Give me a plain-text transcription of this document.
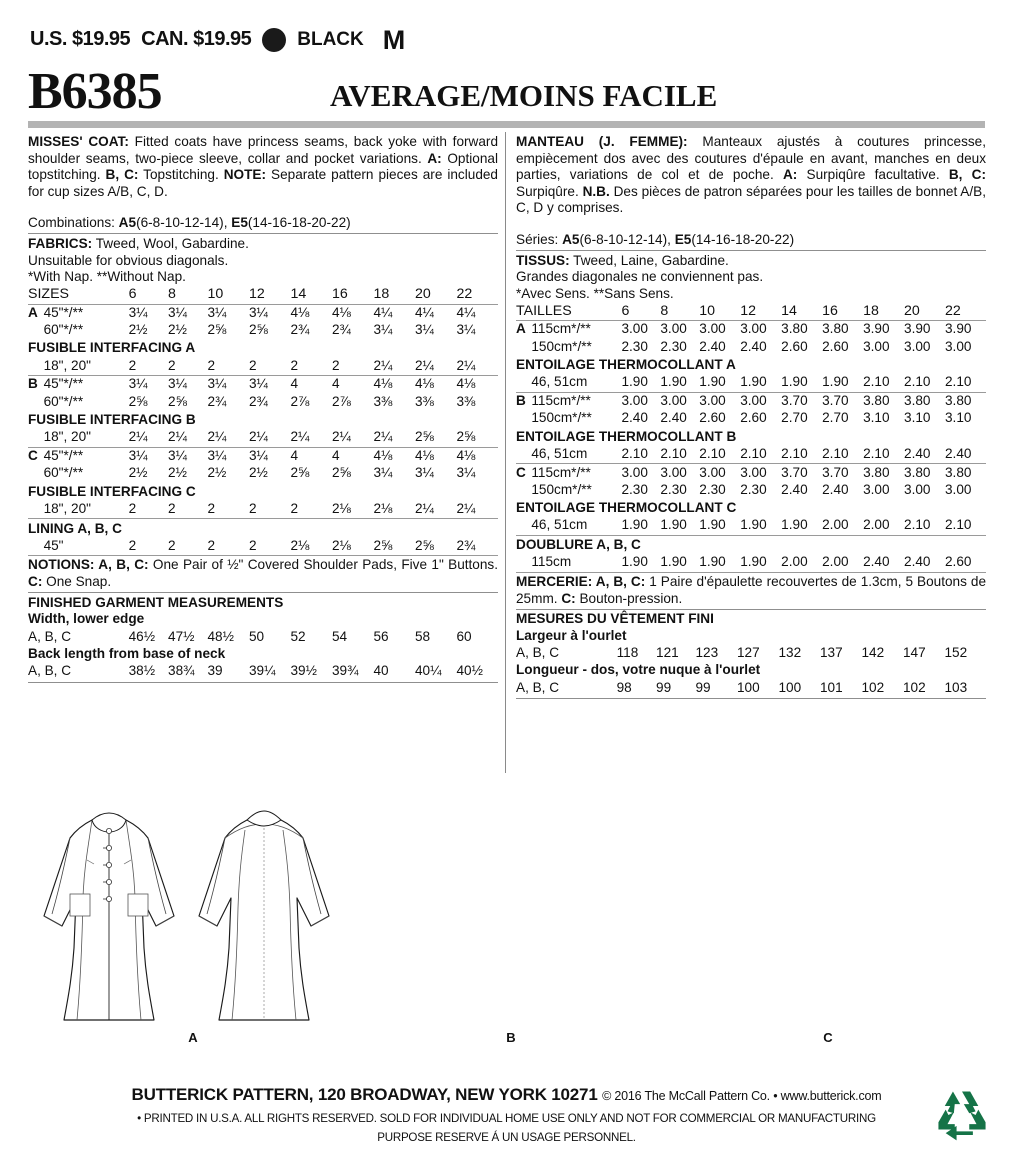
U.S. $19.95 CAN. $19.95 BLACK M
B6385	AVERAGE/MOINS FACILE
MISSES' COAT: Fitted coats have princess seams, back yoke with forward shoulder seams, two-piece sleeve, collar and pocket variations. A: Optional topstitching. B, C: Topstitching. NOTE: Separate pattern pieces are included for cup sizes A/B, C, D.
Combinations: A5(6-8-10-12-14), E5(14-16-18-20-22)
FABRICS: Tweed, Wool, Gabardine.
Unsuitable for obvious diagonals.
*With Nap. **Without Nap.
SIZES		6	8	10	12	14	16	18	20	22

A	45"*/**	3¼	3¼	3¼	3¼	4⅛	4⅛	4¼	4¼	4¼
	60"*/**	2½	2½	2⅝	2⅝	2¾	2¾	3¼	3¼	3¼
FUSIBLE INTERFACING A										
	18", 20"	2	2	2	2	2	2	2¼	2¼	2¼

B	45"*/**	3¼	3¼	3¼	3¼	4	4	4⅛	4⅛	4⅛
	60"*/**	2⅝	2⅝	2¾	2¾	2⅞	2⅞	3⅜	3⅜	3⅜
FUSIBLE INTERFACING B										
	18", 20"	2¼	2¼	2¼	2¼	2¼	2¼	2¼	2⅝	2⅝

C	45"*/**	3¼	3¼	3¼	3¼	4	4	4⅛	4⅛	4⅛
	60"*/**	2½	2½	2½	2½	2⅝	2⅝	3¼	3¼	3¼
FUSIBLE INTERFACING C										
	18", 20"	2	2	2	2	2	2⅛	2⅛	2¼	2¼

LINING A, B, C										
	45"	2	2	2	2	2⅛	2⅛	2⅝	2⅝	2¾

NOTIONS: A, B, C: One Pair of ½" Covered Shoulder Pads, Five 1" Buttons. C: One Snap.
FINISHED GARMENT MEASUREMENTS
Width, lower edge									
A, B, C	46½	47½	48½	50	52	54	56	58	60
Back length from base of neck									
A, B, C	38½	38¾	39	39¼	39½	39¾	40	40¼	40½
MANTEAU (J. FEMME): Manteaux ajustés à coutures princesse, empiècement dos avec des coutures d'épaule en avant, manches en deux parties, variations de col et de poche. A: Surpiqûre facultative. B, C: Surpiqûre. N.B. Des pièces de patron séparées pour les tailles de bonnet A/B, C, D y comprises.
Séries: A5(6-8-10-12-14), E5(14-16-18-20-22)
TISSUS: Tweed, Laine, Gabardine.
Grandes diagonales ne conviennent pas.
*Avec Sens. **Sans Sens.
TAILLES		6	8	10	12	14	16	18	20	22

A	115cm*/**	3.00	3.00	3.00	3.00	3.80	3.80	3.90	3.90	3.90
	150cm*/**	2.30	2.30	2.40	2.40	2.60	2.60	3.00	3.00	3.00
ENTOILAGE THERMOCOLLANT A										
	46, 51cm	1.90	1.90	1.90	1.90	1.90	1.90	2.10	2.10	2.10

B	115cm*/**	3.00	3.00	3.00	3.00	3.70	3.70	3.80	3.80	3.80
	150cm*/**	2.40	2.40	2.60	2.60	2.70	2.70	3.10	3.10	3.10
ENTOILAGE THERMOCOLLANT B										
	46, 51cm	2.10	2.10	2.10	2.10	2.10	2.10	2.10	2.40	2.40

C	115cm*/**	3.00	3.00	3.00	3.00	3.70	3.70	3.80	3.80	3.80
	150cm*/**	2.30	2.30	2.30	2.30	2.40	2.40	3.00	3.00	3.00
ENTOILAGE THERMOCOLLANT C										
	46, 51cm	1.90	1.90	1.90	1.90	1.90	2.00	2.00	2.10	2.10

DOUBLURE A, B, C										
	115cm	1.90	1.90	1.90	1.90	2.00	2.00	2.40	2.40	2.60

MERCERIE: A, B, C: 1 Paire d'épaulette recouvertes de 1.3cm, 5 Boutons de 25mm. C: Bouton-pression.
MESURES DU VÊTEMENT FINI
Largeur à l'ourlet									
A, B, C	118	121	123	127	132	137	142	147	152
Longueur - dos, votre nuque à l'ourlet									
A, B, C	98	99	99	100	100	101	102	102	103
A	B	C
BUTTERICK PATTERN, 120 BROADWAY, NEW YORK 10271 © 2016 The McCall Pattern Co. • www.butterick.com
• PRINTED IN U.S.A. ALL RIGHTS RESERVED. SOLD FOR INDIVIDUAL HOME USE ONLY AND NOT FOR COMMERCIAL OR MANUFACTURING
PURPOSE RESERVE Á UN USAGE PERSONNEL.
